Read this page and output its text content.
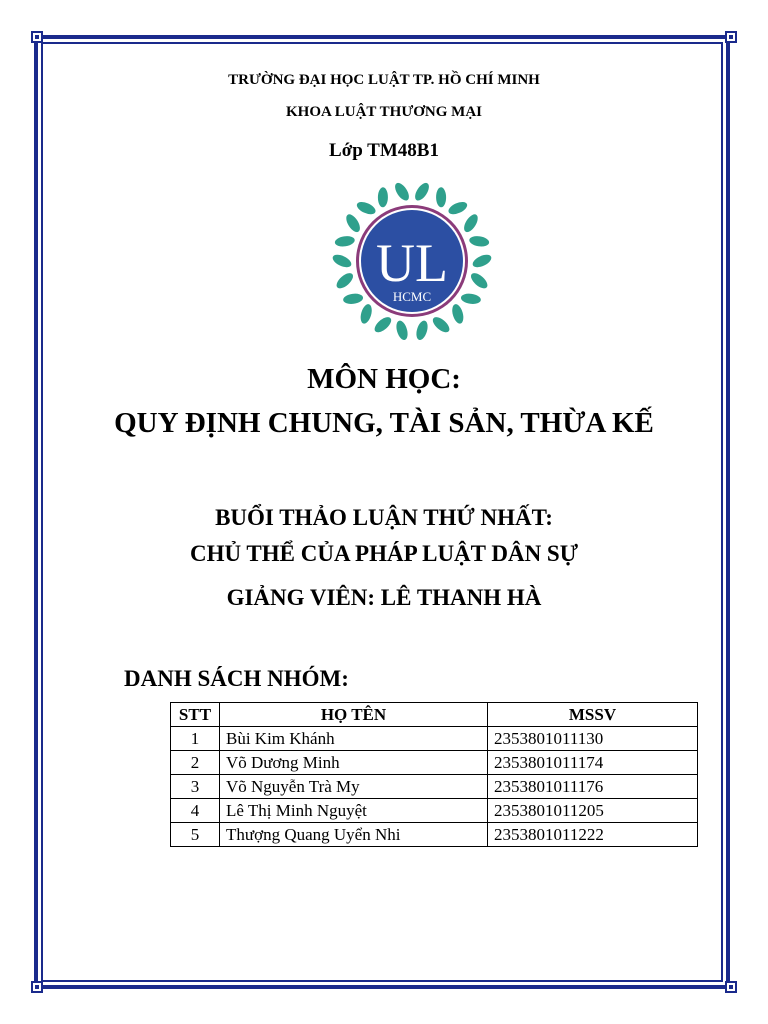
TRƯỜNG ĐẠI HỌC LUẬT TP. HỒ CHÍ MINH
KHOA LUẬT THƯƠNG MẠI
Lớp TM48B1
UL
HCMC
MÔN HỌC:
QUY ĐỊNH CHUNG, TÀI SẢN, THỪA KẾ
BUỔI THẢO LUẬN THỨ NHẤT:
CHỦ THỂ CỦA PHÁP LUẬT DÂN SỰ
GIẢNG VIÊN: LÊ THANH HÀ
DANH SÁCH NHÓM:
STT	HỌ TÊN	MSSV
1	Bùi Kim Khánh	2353801011130
2	Võ Dương Minh	2353801011174
3	Võ Nguyễn Trà My	2353801011176
4	Lê Thị Minh Nguyệt	2353801011205
5	Thượng Quang Uyển Nhi	2353801011222
